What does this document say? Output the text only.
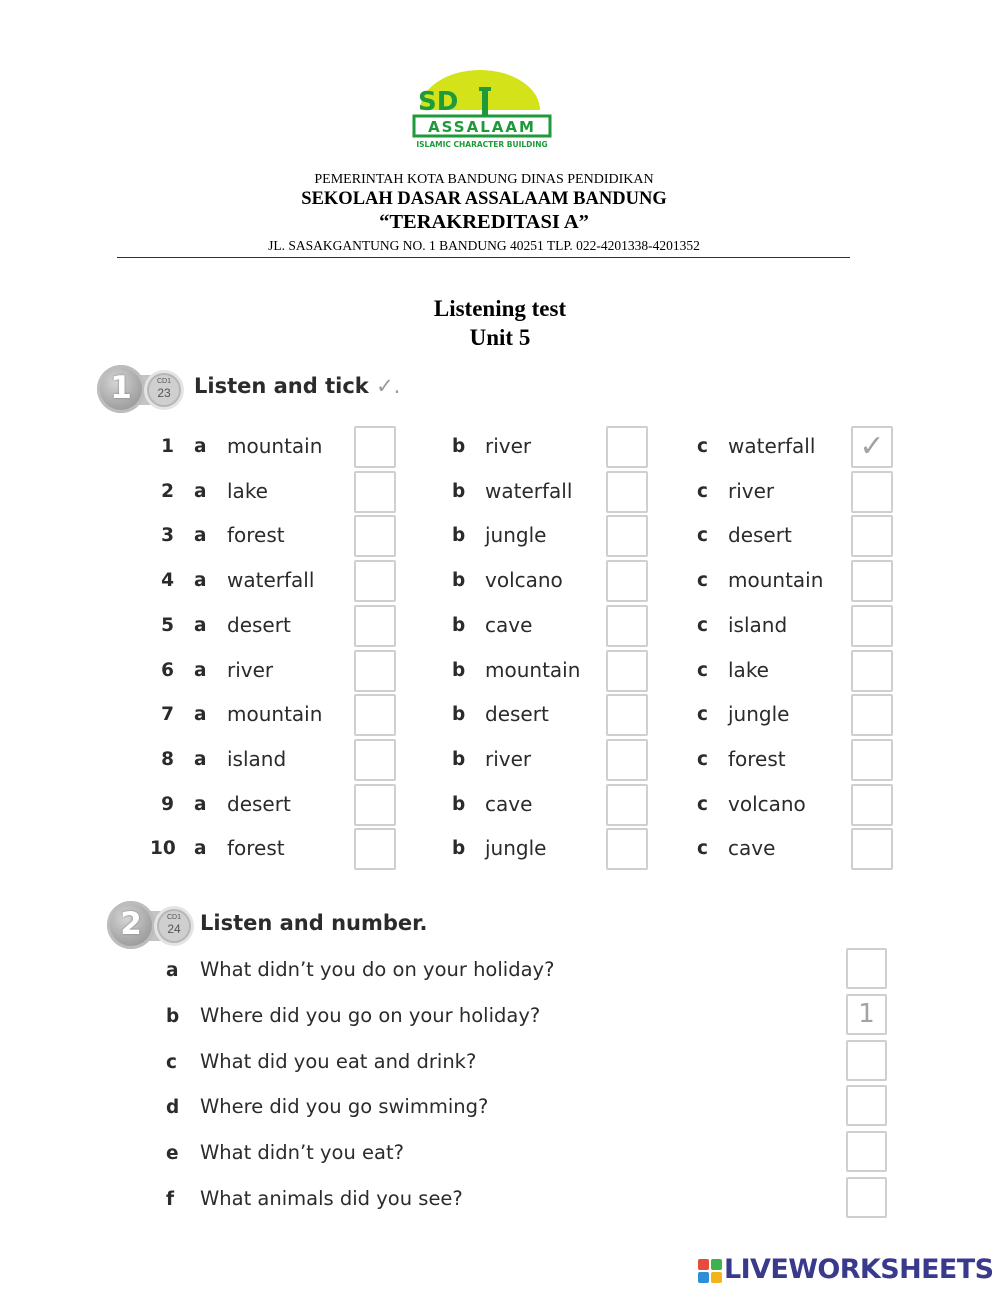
SD
ASSALAAM
ISLAMIC CHARACTER BUILDING
PEMERINTAH KOTA BANDUNG DINAS PENDIDIKAN
SEKOLAH DASAR ASSALAAM BANDUNG
“TERAKREDITASI A”
JL. SASAKGANTUNG NO. 1 BANDUNG 40251 TLP. 022-4201338-4201352
Listening test
Unit 5
1	CD1
23	Listen and tick ✓.
1 a mountain	b river	c waterfall ✓
2 a lake	b waterfall	c river
3 a forest	b jungle	c desert
4 a waterfall	b volcano	c mountain
5 a desert	b cave	c island
6 a river	b mountain	c lake
7 a mountain	b desert	c jungle
8 a island	b river	c forest
9 a desert	b cave	c volcano
10 a forest	b jungle	c cave
2	CD1
24 Listen and number.
a	What didn’t you do on your holiday?
b	Where did you go on your holiday?	1
c	What did you eat and drink?
d	Where did you go swimming?
e	What didn’t you eat?
f	What animals did you see?
LIVEWORKSHEETS
